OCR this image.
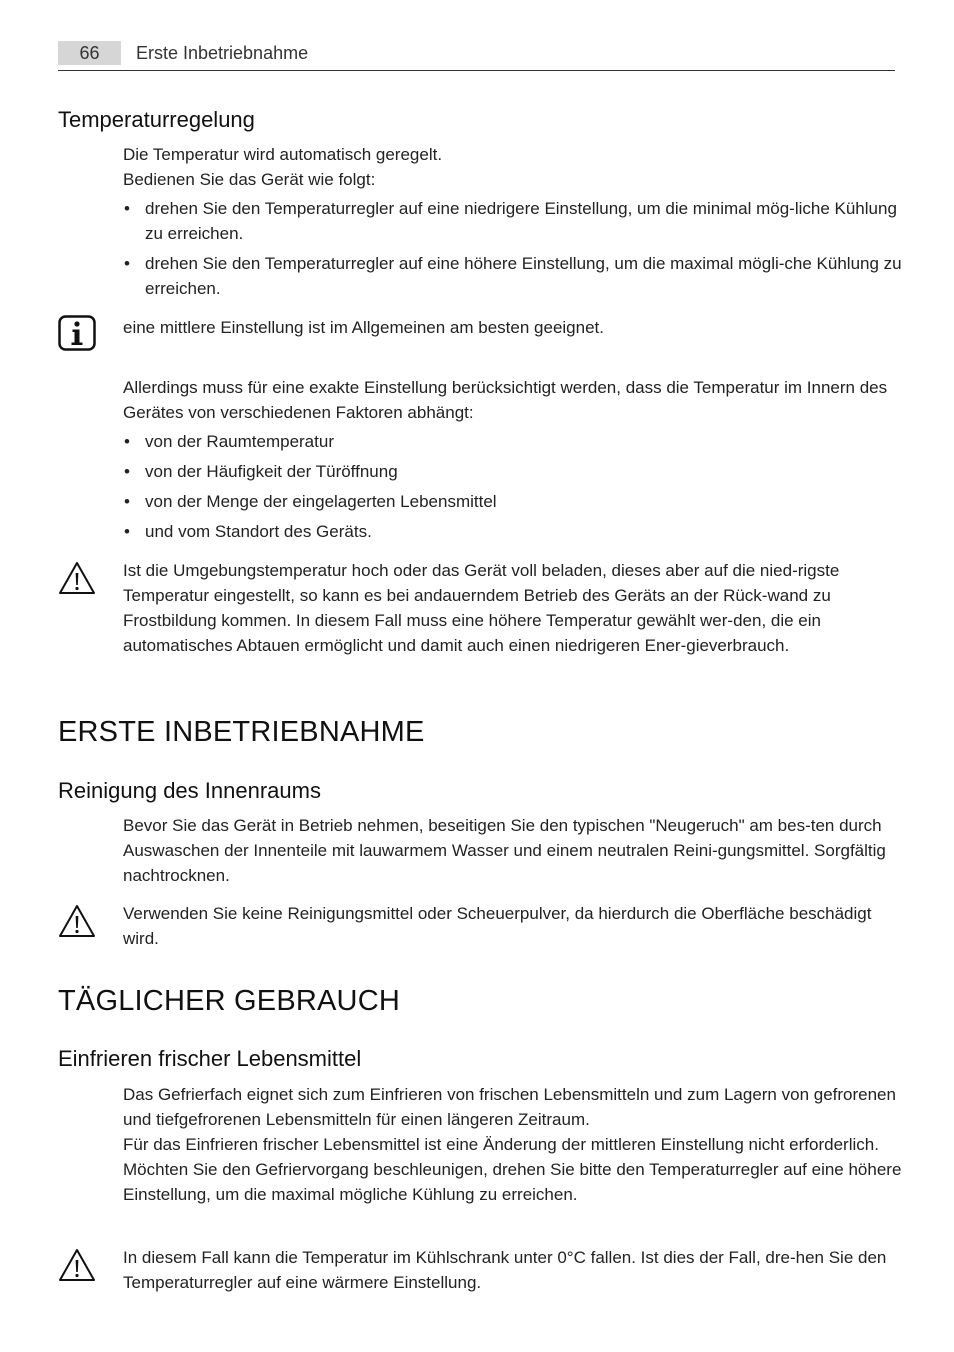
66	Erste Inbetriebnahme
Temperaturregelung

Die Temperatur wird automatisch geregelt.

Bedienen Sie das Gerät wie folgt:

• drehen Sie den Temperaturregler auf eine niedrigere Einstellung, um die minimal mög-liche Kühlung zu erreichen.
• drehen Sie den Temperaturregler auf eine höhere Einstellung, um die maximal mögli-che Kühlung zu erreichen.
eine mittlere Einstellung ist im Allgemeinen am besten geeignet.

Allerdings muss für eine exakte Einstellung berücksichtigt werden, dass die Temperatur im Innern des Gerätes von verschiedenen Faktoren abhängt:

• von der Raumtemperatur
• von der Häufigkeit der Türöffnung
• von der Menge der eingelagerten Lebensmittel
• und vom Standort des Geräts.
Ist die Umgebungstemperatur hoch oder das Gerät voll beladen, dieses aber auf die nied-rigste Temperatur eingestellt, so kann es bei andauerndem Betrieb des Geräts an der Rück-wand zu Frostbildung kommen. In diesem Fall muss eine höhere Temperatur gewählt wer-den, die ein automatisches Abtauen ermöglicht und damit auch einen niedrigeren Ener-gieverbrauch.
ERSTE INBETRIEBNAHME
Reinigung des Innenraums
Bevor Sie das Gerät in Betrieb nehmen, beseitigen Sie den typischen "Neugeruch" am bes-ten durch Auswaschen der Innenteile mit lauwarmem Wasser und einem neutralen Reini-gungsmittel. Sorgfältig nachtrocknen.
Verwenden Sie keine Reinigungsmittel oder Scheuerpulver, da hierdurch die Oberfläche beschädigt wird.
TÄGLICHER GEBRAUCH
Einfrieren frischer Lebensmittel

Das Gefrierfach eignet sich zum Einfrieren von frischen Lebensmitteln und zum Lagern von gefrorenen und tiefgefrorenen Lebensmitteln für einen längeren Zeitraum.

Für das Einfrieren frischer Lebensmittel ist eine Änderung der mittleren Einstellung nicht erforderlich.

Möchten Sie den Gefriervorgang beschleunigen, drehen Sie bitte den Temperaturregler auf eine höhere Einstellung, um die maximal mögliche Kühlung zu erreichen.

In diesem Fall kann die Temperatur im Kühlschrank unter 0°C fallen. Ist dies der Fall, dre-hen Sie den Temperaturregler auf eine wärmere Einstellung.
